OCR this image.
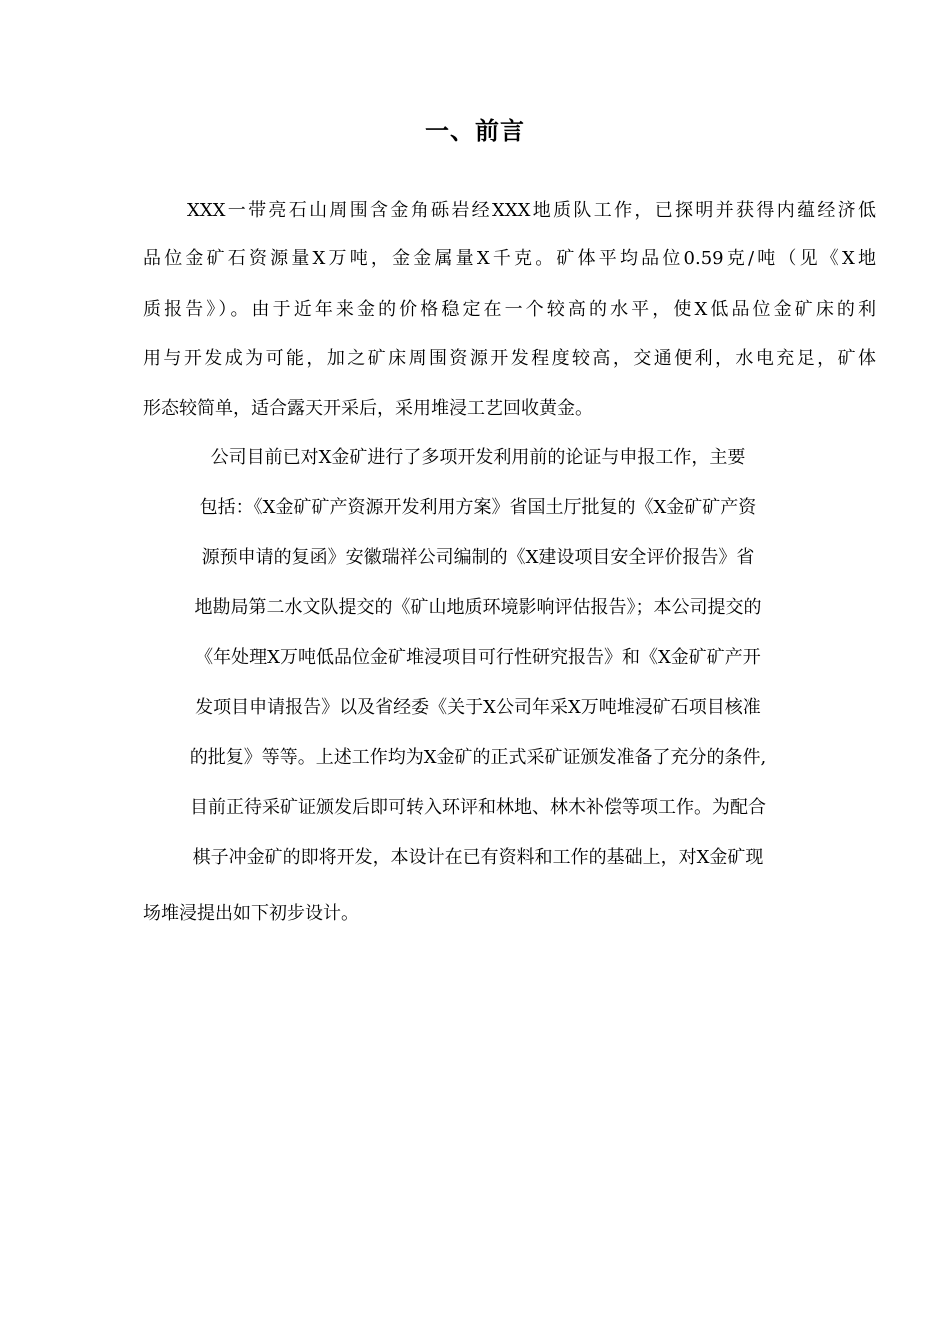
一、前言
XXX一带亮石山周围含金角砾岩经XXX地质队工作，已探明并获得内蕴经济低
品位金矿石资源量X万吨，金金属量X千克。矿体平均品位0.59克/吨（见《X地
质报告》）。由于近年来金的价格稳定在一个较高的水平，使X低品位金矿床的利
用与开发成为可能，加之矿床周围资源开发程度较高，交通便利，水电充足，矿体
形态较简单，适合露天开采后，采用堆浸工艺回收黄金。
公司目前已对X金矿进行了多项开发利用前的论证与申报工作，主要
包括：《X金矿矿产资源开发利用方案》省国土厅批复的《X金矿矿产资
源预申请的复函》安徽瑞祥公司编制的《X建设项目安全评价报告》省
地勘局第二水文队提交的《矿山地质环境影响评估报告》；本公司提交的
《年处理X万吨低品位金矿堆浸项目可行性研究报告》和《X金矿矿产开
发项目申请报告》以及省经委《关于X公司年采X万吨堆浸矿石项目核准
的批复》等等。上述工作均为X金矿的正式采矿证颁发准备了充分的条件,
目前正待采矿证颁发后即可转入环评和林地、林木补偿等项工作。为配合
棋子冲金矿的即将开发，本设计在已有资料和工作的基础上，对X金矿现
场堆浸提出如下初步设计。
